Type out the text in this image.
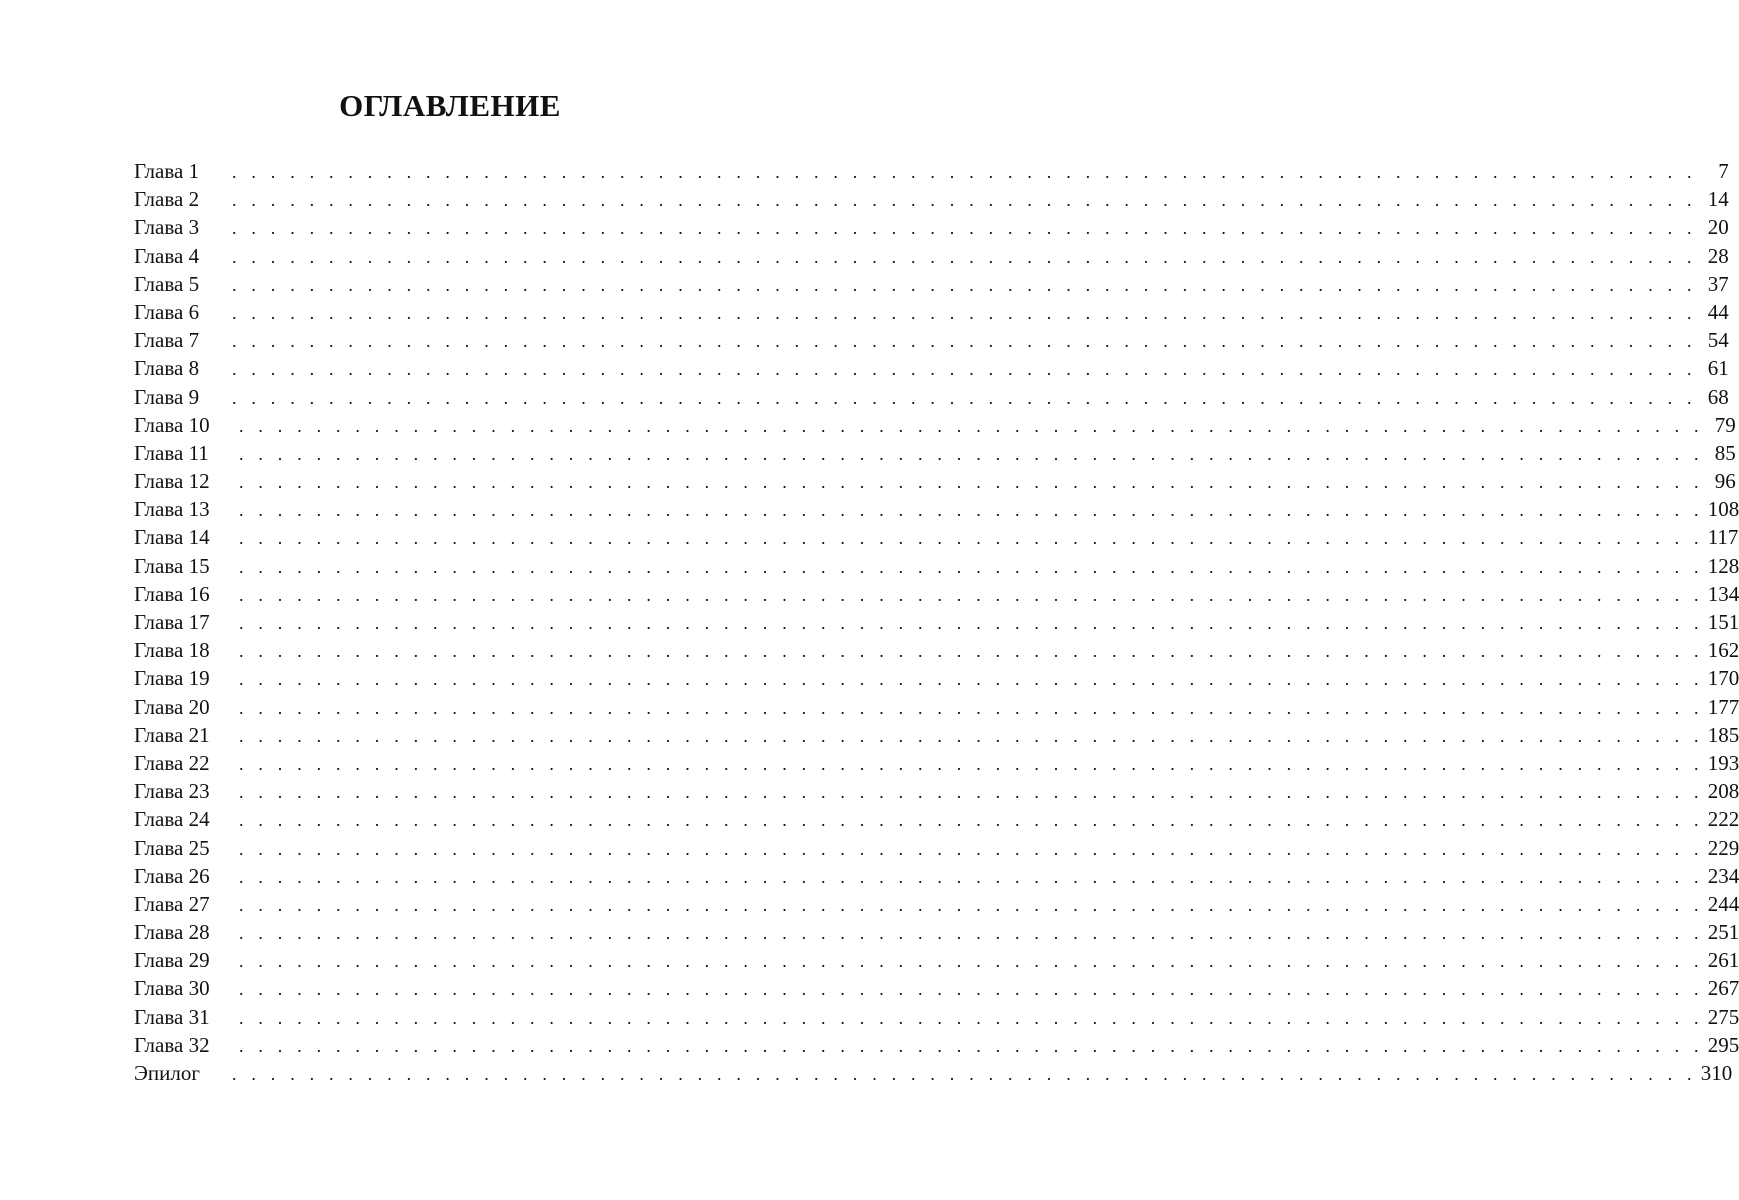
ОГЛАВЛЕНИЕ
Глава 1	. . . . . . . . . . . . . . . . . . . . . . . . . . . . . . . . . . . . . . . . . . . . . . . . . . . . . . . . . . . . . . . . . . . . . . . . . . . .	7
Глава 2	. . . . . . . . . . . . . . . . . . . . . . . . . . . . . . . . . . . . . . . . . . . . . . . . . . . . . . . . . . . . . . . . . . . . . . . . . . . . 14
Глава 3	. . . . . . . . . . . . . . . . . . . . . . . . . . . . . . . . . . . . . . . . . . . . . . . . . . . . . . . . . . . . . . . . . . . . . . . . . . . . 20
Глава 4	. . . . . . . . . . . . . . . . . . . . . . . . . . . . . . . . . . . . . . . . . . . . . . . . . . . . . . . . . . . . . . . . . . . . . . . . . . . . 28
Глава 5	. . . . . . . . . . . . . . . . . . . . . . . . . . . . . . . . . . . . . . . . . . . . . . . . . . . . . . . . . . . . . . . . . . . . . . . . . . . . 37
Глава 6	. . . . . . . . . . . . . . . . . . . . . . . . . . . . . . . . . . . . . . . . . . . . . . . . . . . . . . . . . . . . . . . . . . . . . . . . . . . . 44
Глава 7	. . . . . . . . . . . . . . . . . . . . . . . . . . . . . . . . . . . . . . . . . . . . . . . . . . . . . . . . . . . . . . . . . . . . . . . . . . . . 54
Глава 8	. . . . . . . . . . . . . . . . . . . . . . . . . . . . . . . . . . . . . . . . . . . . . . . . . . . . . . . . . . . . . . . . . . . . . . . . . . . . 61
Глава 9	. . . . . . . . . . . . . . . . . . . . . . . . . . . . . . . . . . . . . . . . . . . . . . . . . . . . . . . . . . . . . . . . . . . . . . . . . . . . 68
Глава 10	. . . . . . . . . . . . . . . . . . . . . . . . . . . . . . . . . . . . . . . . . . . . . . . . . . . . . . . . . . . . . . . . . . . . . . . . . . . . 79
Глава 11	. . . . . . . . . . . . . . . . . . . . . . . . . . . . . . . . . . . . . . . . . . . . . . . . . . . . . . . . . . . . . . . . . . . . . . . . . . . . 85
Глава 12	. . . . . . . . . . . . . . . . . . . . . . . . . . . . . . . . . . . . . . . . . . . . . . . . . . . . . . . . . . . . . . . . . . . . . . . . . . . . 96
Глава 13	. . . . . . . . . . . . . . . . . . . . . . . . . . . . . . . . . . . . . . . . . . . . . . . . . . . . . . . . . . . . . . . . . . . . . . . . . . . . 108
Глава 14	. . . . . . . . . . . . . . . . . . . . . . . . . . . . . . . . . . . . . . . . . . . . . . . . . . . . . . . . . . . . . . . . . . . . . . . . . . . . 117
Глава 15	. . . . . . . . . . . . . . . . . . . . . . . . . . . . . . . . . . . . . . . . . . . . . . . . . . . . . . . . . . . . . . . . . . . . . . . . . . . . 128
Глава 16	. . . . . . . . . . . . . . . . . . . . . . . . . . . . . . . . . . . . . . . . . . . . . . . . . . . . . . . . . . . . . . . . . . . . . . . . . . . . 134
Глава 17	. . . . . . . . . . . . . . . . . . . . . . . . . . . . . . . . . . . . . . . . . . . . . . . . . . . . . . . . . . . . . . . . . . . . . . . . . . . . 151
Глава 18	. . . . . . . . . . . . . . . . . . . . . . . . . . . . . . . . . . . . . . . . . . . . . . . . . . . . . . . . . . . . . . . . . . . . . . . . . . . . 162
Глава 19	. . . . . . . . . . . . . . . . . . . . . . . . . . . . . . . . . . . . . . . . . . . . . . . . . . . . . . . . . . . . . . . . . . . . . . . . . . . . 170
Глава 20	. . . . . . . . . . . . . . . . . . . . . . . . . . . . . . . . . . . . . . . . . . . . . . . . . . . . . . . . . . . . . . . . . . . . . . . . . . . . 177
Глава 21	. . . . . . . . . . . . . . . . . . . . . . . . . . . . . . . . . . . . . . . . . . . . . . . . . . . . . . . . . . . . . . . . . . . . . . . . . . . . 185
Глава 22	. . . . . . . . . . . . . . . . . . . . . . . . . . . . . . . . . . . . . . . . . . . . . . . . . . . . . . . . . . . . . . . . . . . . . . . . . . . . 193
Глава 23	. . . . . . . . . . . . . . . . . . . . . . . . . . . . . . . . . . . . . . . . . . . . . . . . . . . . . . . . . . . . . . . . . . . . . . . . . . . . 208
Глава 24	. . . . . . . . . . . . . . . . . . . . . . . . . . . . . . . . . . . . . . . . . . . . . . . . . . . . . . . . . . . . . . . . . . . . . . . . . . . . 222
Глава 25	. . . . . . . . . . . . . . . . . . . . . . . . . . . . . . . . . . . . . . . . . . . . . . . . . . . . . . . . . . . . . . . . . . . . . . . . . . . . 229
Глава 26	. . . . . . . . . . . . . . . . . . . . . . . . . . . . . . . . . . . . . . . . . . . . . . . . . . . . . . . . . . . . . . . . . . . . . . . . . . . . 234
Глава 27	. . . . . . . . . . . . . . . . . . . . . . . . . . . . . . . . . . . . . . . . . . . . . . . . . . . . . . . . . . . . . . . . . . . . . . . . . . . . 244
Глава 28	. . . . . . . . . . . . . . . . . . . . . . . . . . . . . . . . . . . . . . . . . . . . . . . . . . . . . . . . . . . . . . . . . . . . . . . . . . . . 251
Глава 29	. . . . . . . . . . . . . . . . . . . . . . . . . . . . . . . . . . . . . . . . . . . . . . . . . . . . . . . . . . . . . . . . . . . . . . . . . . . . 261
Глава 30	. . . . . . . . . . . . . . . . . . . . . . . . . . . . . . . . . . . . . . . . . . . . . . . . . . . . . . . . . . . . . . . . . . . . . . . . . . . . 267
Глава 31	. . . . . . . . . . . . . . . . . . . . . . . . . . . . . . . . . . . . . . . . . . . . . . . . . . . . . . . . . . . . . . . . . . . . . . . . . . . . 275
Глава 32	. . . . . . . . . . . . . . . . . . . . . . . . . . . . . . . . . . . . . . . . . . . . . . . . . . . . . . . . . . . . . . . . . . . . . . . . . . . . 295
Эпилог	. . . . . . . . . . . . . . . . . . . . . . . . . . . . . . . . . . . . . . . . . . . . . . . . . . . . . . . . . . . . . . . . . . . . . . . . . . . . 310
